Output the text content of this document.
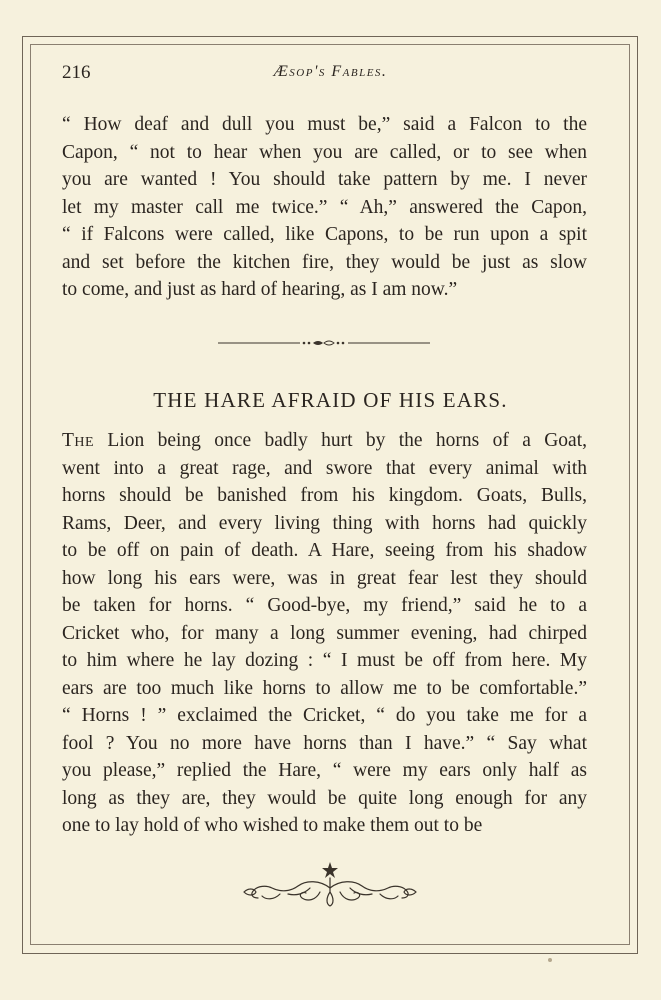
216	Æsop's Fables.
“ How deaf and dull you must be,” said a Falcon to the
Capon, “ not to hear when you are called, or to see when
you are wanted ! You should take pattern by me. I never
let my master call me twice.” “ Ah,” answered the Capon,
“ if Falcons were called, like Capons, to be run upon a spit
and set before the kitchen fire, they would be just as slow
to come, and just as hard of hearing, as I am now.”
THE HARE AFRAID OF HIS EARS.
The Lion being once badly hurt by the horns of a Goat,
went into a great rage, and swore that every animal with
horns should be banished from his kingdom. Goats, Bulls,
Rams, Deer, and every living thing with horns had quickly
to be off on pain of death. A Hare, seeing from his shadow
how long his ears were, was in great fear lest they should
be taken for horns. “ Good-bye, my friend,” said he to a
Cricket who, for many a long summer evening, had chirped
to him where he lay dozing : “ I must be off from here. My
ears are too much like horns to allow me to be comfortable.”
“ Horns ! ” exclaimed the Cricket, “ do you take me for a
fool ? You no more have horns than I have.” “ Say what
you please,” replied the Hare, “ were my ears only half as
long as they are, they would be quite long enough for any
one to lay hold of who wished to make them out to be
